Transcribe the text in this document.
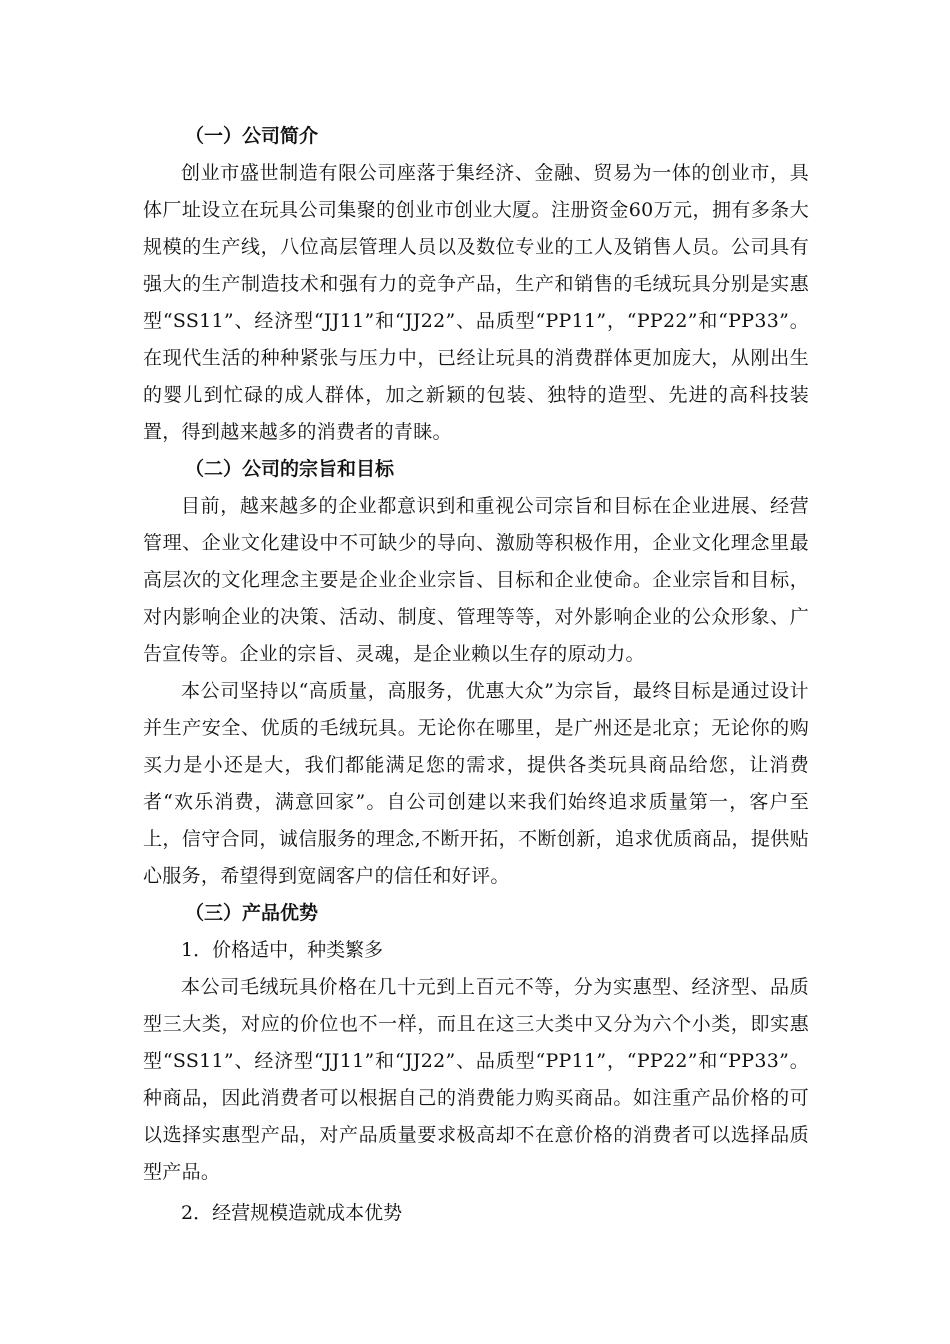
（一）公司简介
创业市盛世制造有限公司座落于集经济、金融、贸易为一体的创业市，具体厂址设立在玩具公司集聚的创业市创业大厦。注册资金60万元，拥有多条大规模的生产线，八位高层管理人员以及数位专业的工人及销售人员。公司具有强大的生产制造技术和强有力的竞争产品，生产和销售的毛绒玩具分别是实惠型“SS11”、经济型“JJ11”和“JJ22”、品质型“PP11”，“PP22”和“PP33”。在现代生活的种种紧张与压力中，已经让玩具的消费群体更加庞大，从刚出生的婴儿到忙碌的成人群体，加之新颖的包装、独特的造型、先进的高科技装置，得到越来越多的消费者的青睐。
（二）公司的宗旨和目标
目前，越来越多的企业都意识到和重视公司宗旨和目标在企业进展、经营管理、企业文化建设中不可缺少的导向、激励等积极作用，企业文化理念里最高层次的文化理念主要是企业企业宗旨、目标和企业使命。企业宗旨和目标，对内影响企业的决策、活动、制度、管理等等，对外影响企业的公众形象、广告宣传等。企业的宗旨、灵魂，是企业赖以生存的原动力。
本公司坚持以“高质量，高服务，优惠大众”为宗旨，最终目标是通过设计并生产安全、优质的毛绒玩具。无论你在哪里，是广州还是北京；无论你的购买力是小还是大，我们都能满足您的需求，提供各类玩具商品给您，让消费者“欢乐消费，满意回家”。自公司创建以来我们始终追求质量第一，客户至上，信守合同，诚信服务的理念,不断开拓，不断创新，追求优质商品，提供贴心服务，希望得到宽阔客户的信任和好评。
（三）产品优势
1．价格适中，种类繁多
本公司毛绒玩具价格在几十元到上百元不等，分为实惠型、经济型、品质型三大类，对应的价位也不一样，而且在这三大类中又分为六个小类，即实惠型“SS11”、经济型“JJ11”和“JJ22”、品质型“PP11”，“PP22”和“PP33”。种商品，因此消费者可以根据自己的消费能力购买商品。如注重产品价格的可以选择实惠型产品，对产品质量要求极高却不在意价格的消费者可以选择品质型产品。
2．经营规模造就成本优势
